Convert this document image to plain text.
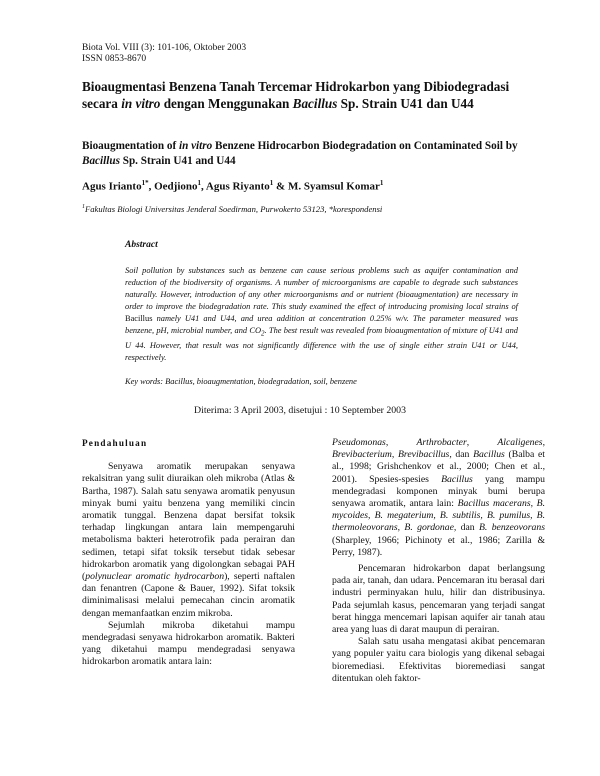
Biota Vol. VIII (3): 101-106, Oktober 2003
ISSN 0853-8670
Bioaugmentasi Benzena Tanah Tercemar Hidrokarbon yang Dibiodegradasi secara in vitro dengan Menggunakan Bacillus Sp. Strain U41 dan U44
Bioaugmentation of in vitro Benzene Hidrocarbon Biodegradation on Contaminated Soil by Bacillus Sp. Strain U41 and U44
Agus Irianto$^{1*}$, Oedjiono$^1$, Agus Riyanto$^1$ & M. Syamsul Komar$^1$
$^1$Fakultas Biologi Universitas Jenderal Soedirman, Purwokerto 53123, *korespondensi
Abstract
Soil pollution by substances such as benzene can cause serious problems such as aquifer contamination and reduction of the biodiversity of organisms. A number of microorganisms are capable to degrade such substances naturally. However, introduction of any other microorganisms and or nutrient (bioaugmentation) are necessary in order to improve the biodegradation rate. This study examined the effect of introducing promising local strains of Bacillus namely U41 and U44, and urea addition at concentration 0.25% w/v. The parameter measured was benzene, pH, microbial number, and $CO_2$. The best result was revealed from bioaugmentation of mixture of U41 and U 44. However, that result was not significantly difference with the use of single either strain U41 or U44, respectively.
Key words: Bacillus, bioaugmentation, biodegradation, soil, benzene
Diterima: 3 April 2003, disetujui : 10 September 2003
Pendahuluan

Senyawa aromatik merupakan senyawa rekalsitran yang sulit diuraikan oleh mikroba (Atlas & Bartha, 1987). Salah satu senyawa aromatik penyusun minyak bumi yaitu benzena yang memiliki cincin aromatik tunggal. Benzena dapat bersifat toksik terhadap lingkungan antara lain mempengaruhi metabolisma bakteri heterotrofik pada perairan dan sedimen, tetapi sifat toksik tersebut tidak sebesar hidrokarbon aromatik yang digolongkan sebagai PAH (polynuclear aromatic hydrocarbon), seperti naftalen dan fenantren (Capone & Bauer, 1992). Sifat toksik diminimalisasi melalui pemecahan cincin aromatik dengan memanfaatkan enzim mikroba.

Sejumlah mikroba diketahui mampu mendegradasi senyawa hidrokarbon aromatik. Bakteri yang diketahui mampu mendegradasi senyawa hidrokarbon aromatik antara lain:

Pseudomonas, Arthrobacter, Alcaligenes, Brevibacterium, Brevibacillus, dan Bacillus (Balba et al., 1998; Grishchenkov et al., 2000; Chen et al., 2001). Spesies-spesies Bacillus yang mampu mendegradasi komponen minyak bumi berupa senyawa aromatik, antara lain: Bacillus macerans, B. mycoides, B. megaterium, B. subtilis, B. pumilus, B. thermoleovorans, B. gordonae, dan B. benzeovorans (Sharpley, 1966; Pichinoty et al., 1986; Zarilla & Perry, 1987).

Pencemaran hidrokarbon dapat berlangsung pada air, tanah, dan udara. Pencemaran itu berasal dari industri perminyakan hulu, hilir dan distribusinya. Pada sejumlah kasus, pencemaran yang terjadi sangat berat hingga mencemari lapisan aquifer air tanah atau area yang luas di darat maupun di perairan.

Salah satu usaha mengatasi akibat pencemaran yang populer yaitu cara biologis yang dikenal sebagai bioremediasi. Efektivitas bioremediasi sangat ditentukan oleh faktor-
